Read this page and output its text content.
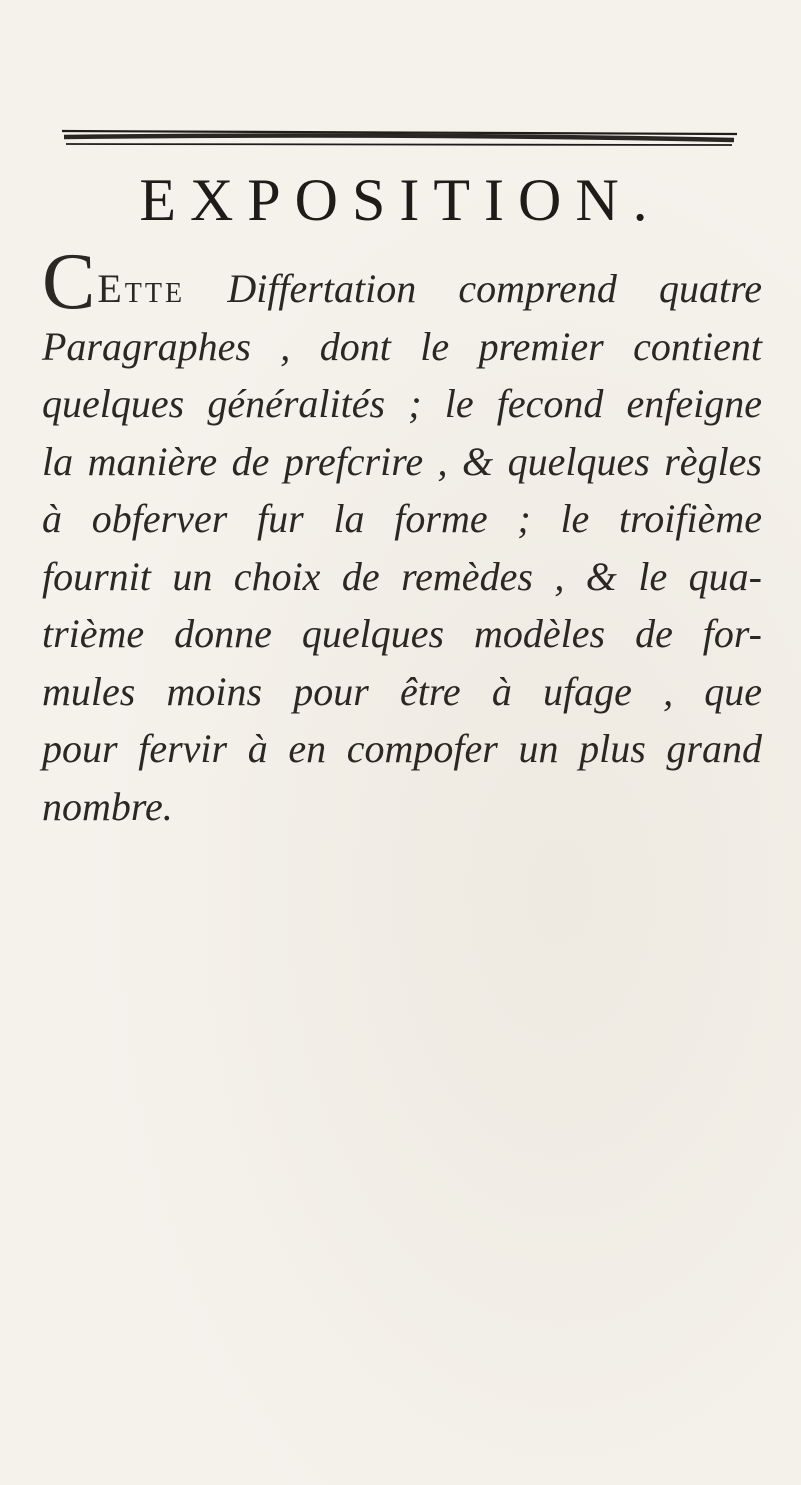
EXPOSITION.
CEtte Differtation comprend quatre
Paragraphes , dont le premier contient
quelques généralités ; le fecond enfeigne
la manière de prefcrire , & quelques règles
à obferver fur la forme ; le troifième
fournit un choix de remèdes , & le qua-
trième donne quelques modèles de for-
mules moins pour être à ufage , que
pour fervir à en compofer un plus grand
nombre.
